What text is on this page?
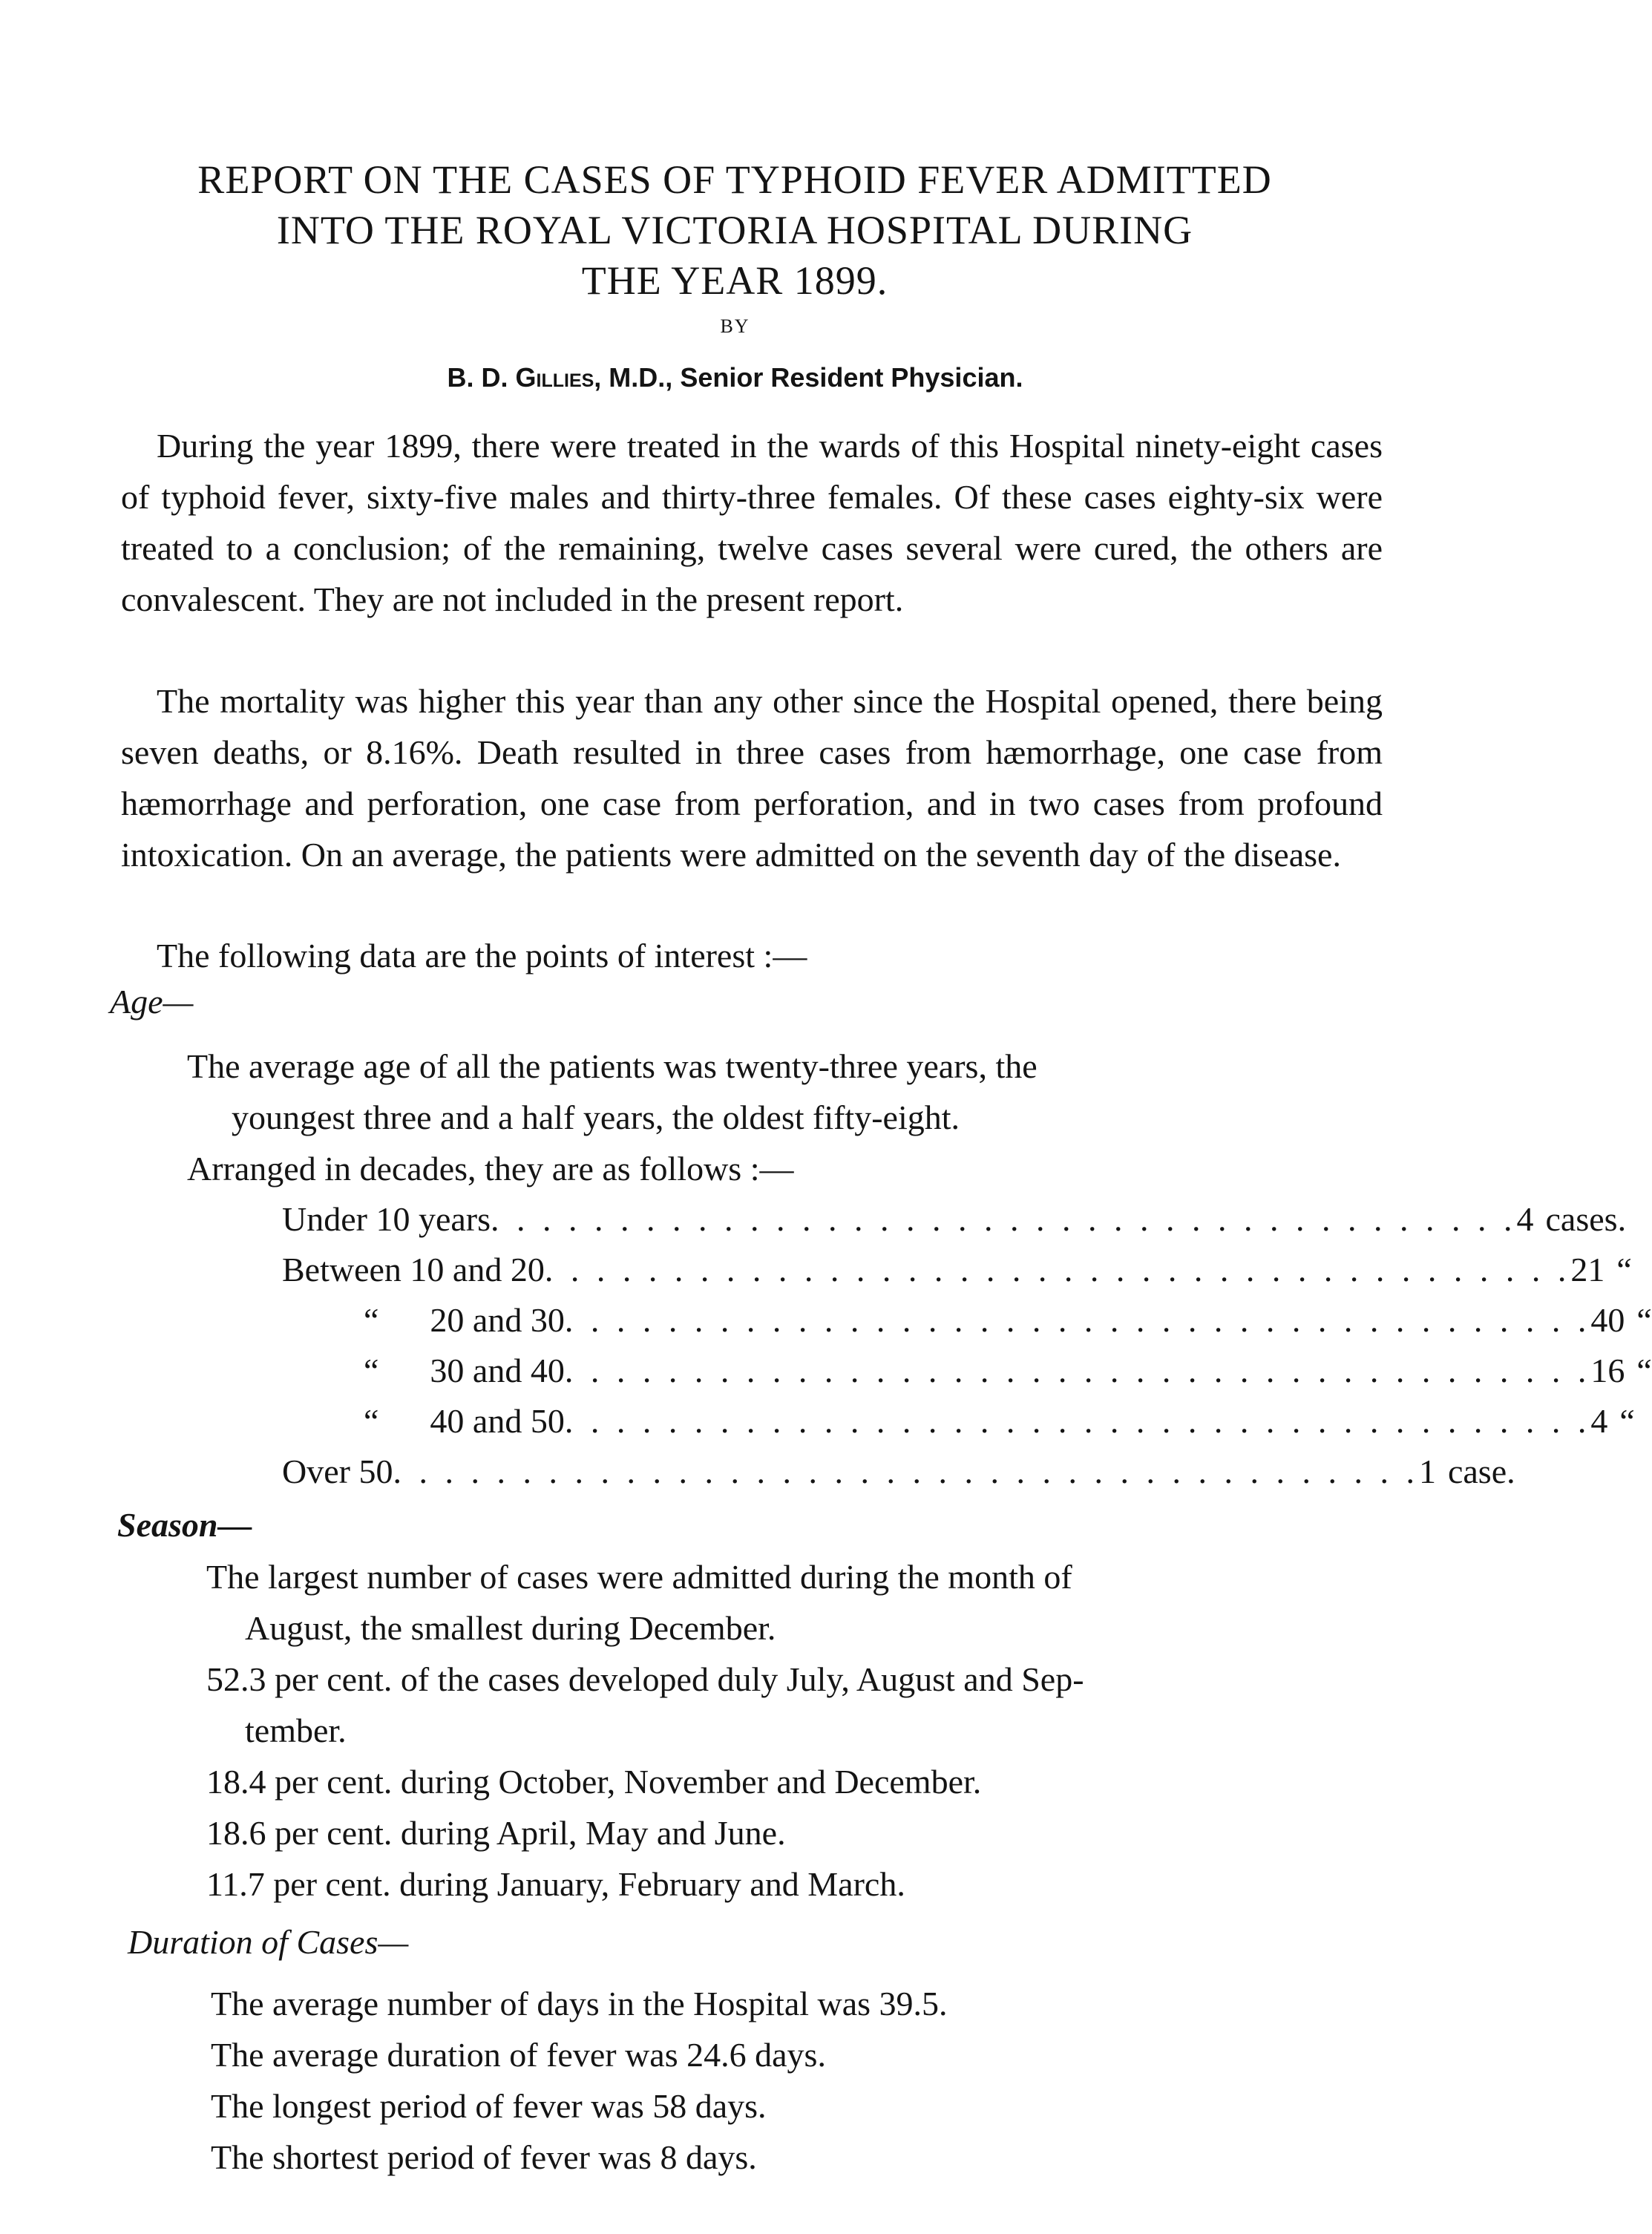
REPORT ON THE CASES OF TYPHOID FEVER ADMITTED
INTO THE ROYAL VICTORIA HOSPITAL DURING
THE YEAR 1899.
BY
B. D. Gillies, M.D., Senior Resident Physician.

During the year 1899, there were treated in the wards of this Hospital ninety-eight cases of typhoid fever, sixty-five males and thirty-three females. Of these cases eighty-six were treated to a conclusion; of the remaining, twelve cases several were cured, the others are convalescent. They are not included in the present report.

The mortality was higher this year than any other since the Hospital opened, there being seven deaths, or 8.16%. Death resulted in three cases from hæmorrhage, one case from hæmorrhage and perforation, one case from perforation, and in two cases from profound intoxication. On an average, the patients were admitted on the seventh day of the disease.

The following data are the points of interest :—

Age—
The average age of all the patients was twenty-three years, the
youngest three and a half years, the oldest fifty-eight.
Arranged in decades, they are as follows :—
Under 10 years . . . . . . . . . . . . . . . . . . . . . . . . . . . . . . . . . . . . . . . . 4 cases.
Between 10 and 20 . . . . . . . . . . . . . . . . . . . . . . . . . . . . . . . . . . . . . . . . 21 “
“      20 and 30 . . . . . . . . . . . . . . . . . . . . . . . . . . . . . . . . . . . . . . . . 40 “
“      30 and 40 . . . . . . . . . . . . . . . . . . . . . . . . . . . . . . . . . . . . . . . . 16 “
“      40 and 50 . . . . . . . . . . . . . . . . . . . . . . . . . . . . . . . . . . . . . . . . 4 “
Over 50 . . . . . . . . . . . . . . . . . . . . . . . . . . . . . . . . . . . . . . . . 1 case.
Season—
The largest number of cases were admitted during the month of
August, the smallest during December.
52.3 per cent. of the cases developed duly July, August and Sep-
tember.
18.4 per cent. during October, November and December.
18.6 per cent. during April, May and June.
11.7 per cent. during January, February and March.
Duration of Cases—
The average number of days in the Hospital was 39.5.
The average duration of fever was 24.6 days.
The longest period of fever was 58 days.
The shortest period of fever was 8 days.
